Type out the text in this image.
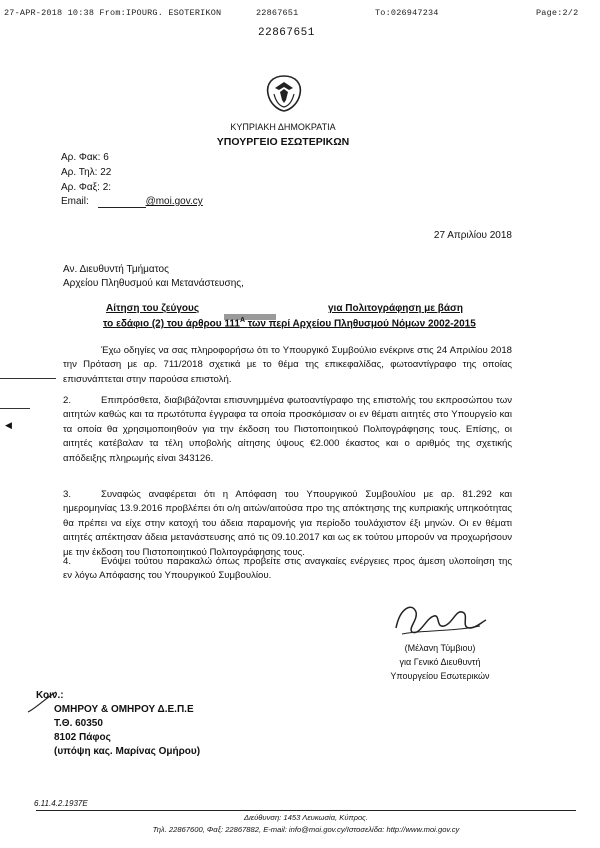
27-APR-2018 10:38 From:IPOURG. ESOTERIKON	22867651	To:026947234	Page:2/2
22867651
ΚΥΠΡΙΑΚΗ ΔΗΜΟΚΡΑΤΙΑ
ΥΠΟΥΡΓΕΙΟ ΕΣΩΤΕΡΙΚΩΝ
Αρ. Φακ: 6
Αρ. Τηλ: 22
Αρ. Φαξ: 2:
Email:	@moi.gov.cy
27 Απριλίου 2018
Αν. Διευθυντή Τμήματος
Αρχείου Πληθυσμού και Μετανάστευσης,
Αίτηση του ζεύγους	για Πολιτογράφηση με βάση
το εδάφιο (2) του άρθρου $111^A$ των περί Αρχείου Πληθυσμού Νόμων 2002-2015
Έχω οδηγίες να σας πληροφορήσω ότι το Υπουργικό Συμβούλιο ενέκρινε στις 24 Απριλίου 2018 την Πρόταση με αρ. 711/2018 σχετικά με το θέμα της επικεφαλίδας, φωτοαντίγραφο της οποίας επισυνάπτεται στην παρούσα επιστολή.
2.	Επιπρόσθετα, διαβιβάζονται επισυνημμένα φωτοαντίγραφο της επιστολής του εκπροσώπου των αιτητών καθώς και τα πρωτότυπα έγγραφα τα οποία προσκόμισαν οι εν θέματι αιτητές στο Υπουργείο και τα οποία θα χρησιμοποιηθούν για την έκδοση του Πιστοποιητικού Πολιτογράφησης τους. Επίσης, οι αιτητές κατέβαλαν τα τέλη υποβολής αίτησης ύψους €2.000 έκαστος και ο αριθμός της σχετικής απόδειξης πληρωμής είναι 343126.
◀
3.	Συναφώς αναφέρεται ότι η Απόφαση του Υπουργικού Συμβουλίου με αρ. 81.292 και ημερομηνίας 13.9.2016 προβλέπει ότι ο/η αιτών/αιτούσα προ της απόκτησης της κυπριακής υπηκοότητας θα πρέπει να είχε στην κατοχή του άδεια παραμονής για περίοδο τουλάχιστον έξι μηνών. Οι εν θέματι αιτητές απέκτησαν άδεια μετανάστευσης από τις 09.10.2017 και ως εκ τούτου μπορούν να προχωρήσουν με την έκδοση του Πιστοποιητικού Πολιτογράφησης τους.
4.	Ενόψει τούτου παρακαλώ όπως προβείτε στις αναγκαίες ενέργειες προς άμεση υλοποίηση της εν λόγω Απόφασης του Υπουργικού Συμβουλίου.
(Μέλανη Τύμβιου)
για Γενικό Διευθυντή
Υπουργείου Εσωτερικών
Κοιν.:
ΟΜΗΡΟΥ & ΟΜΗΡΟΥ Δ.Ε.Π.Ε
Τ.Θ. 60350
8102 Πάφος
(υπόψη κας. Μαρίνας Ομήρου)
6.11.4.2.1937E
Διεύθυνση: 1453 Λευκωσία, Κύπρος.
Τηλ. 22867600, Φαξ: 22867882, E-mail: info@moi.gov.cy/Ιστοσελίδα: http://www.moi.gov.cy
